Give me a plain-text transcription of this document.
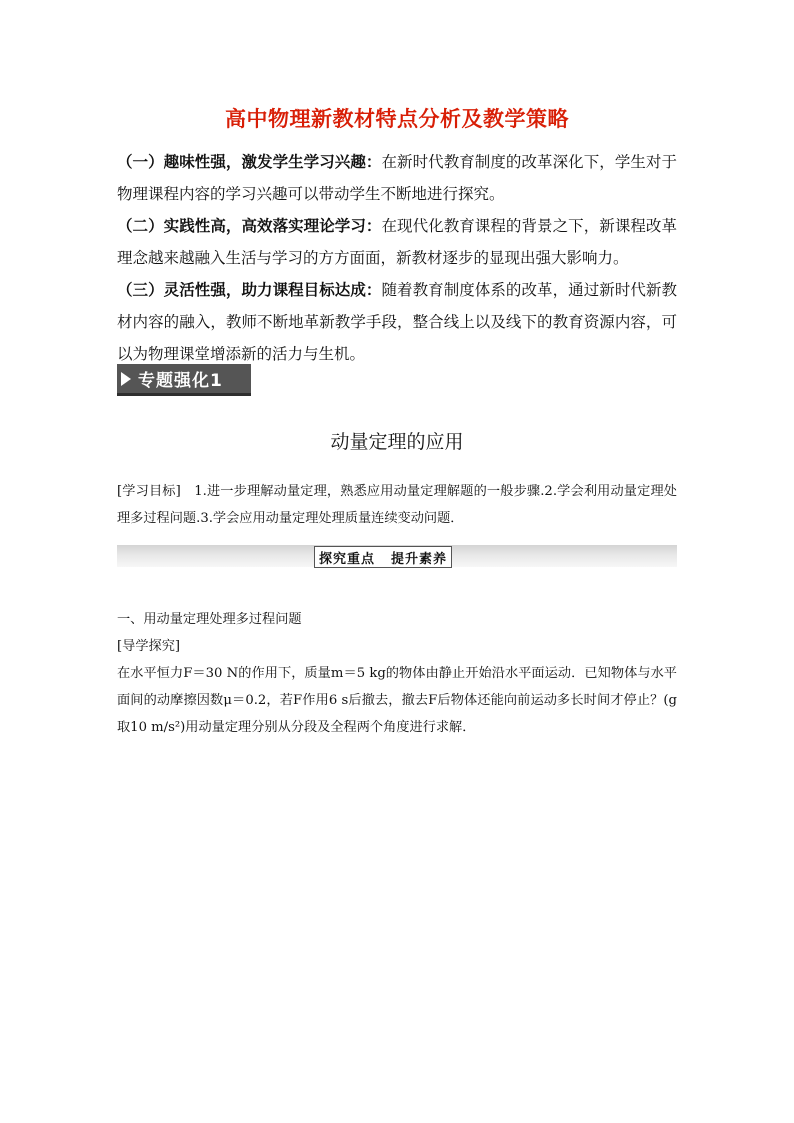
高中物理新教材特点分析及教学策略

（一）趣味性强，激发学生学习兴趣：在新时代教育制度的改革深化下，学生对于物理课程内容的学习兴趣可以带动学生不断地进行探究。

（二）实践性高，高效落实理论学习：在现代化教育课程的背景之下，新课程改革理念越来越融入生活与学习的方方面面，新教材逐步的显现出强大影响力。

（三）灵活性强，助力课程目标达成：随着教育制度体系的改革，通过新时代新教材内容的融入，教师不断地革新教学手段，整合线上以及线下的教育资源内容，可以为物理课堂增添新的活力与生机。

专题强化1
动量定理的应用

[学习目标]　1.进一步理解动量定理，熟悉应用动量定理解题的一般步骤.2.学会利用动量定理处理多过程问题.3.学会应用动量定理处理质量连续变动问题．

探究重点 提升素养

一、用动量定理处理多过程问题

[导学探究]

在水平恒力F＝30 N的作用下，质量m＝5 kg的物体由静止开始沿水平面运动．已知物体与水平面间的动摩擦因数μ＝0.2，若F作用6 s后撤去，撤去F后物体还能向前运动多长时间才停止？(g取10 m/s²)用动量定理分别从分段及全程两个角度进行求解．
